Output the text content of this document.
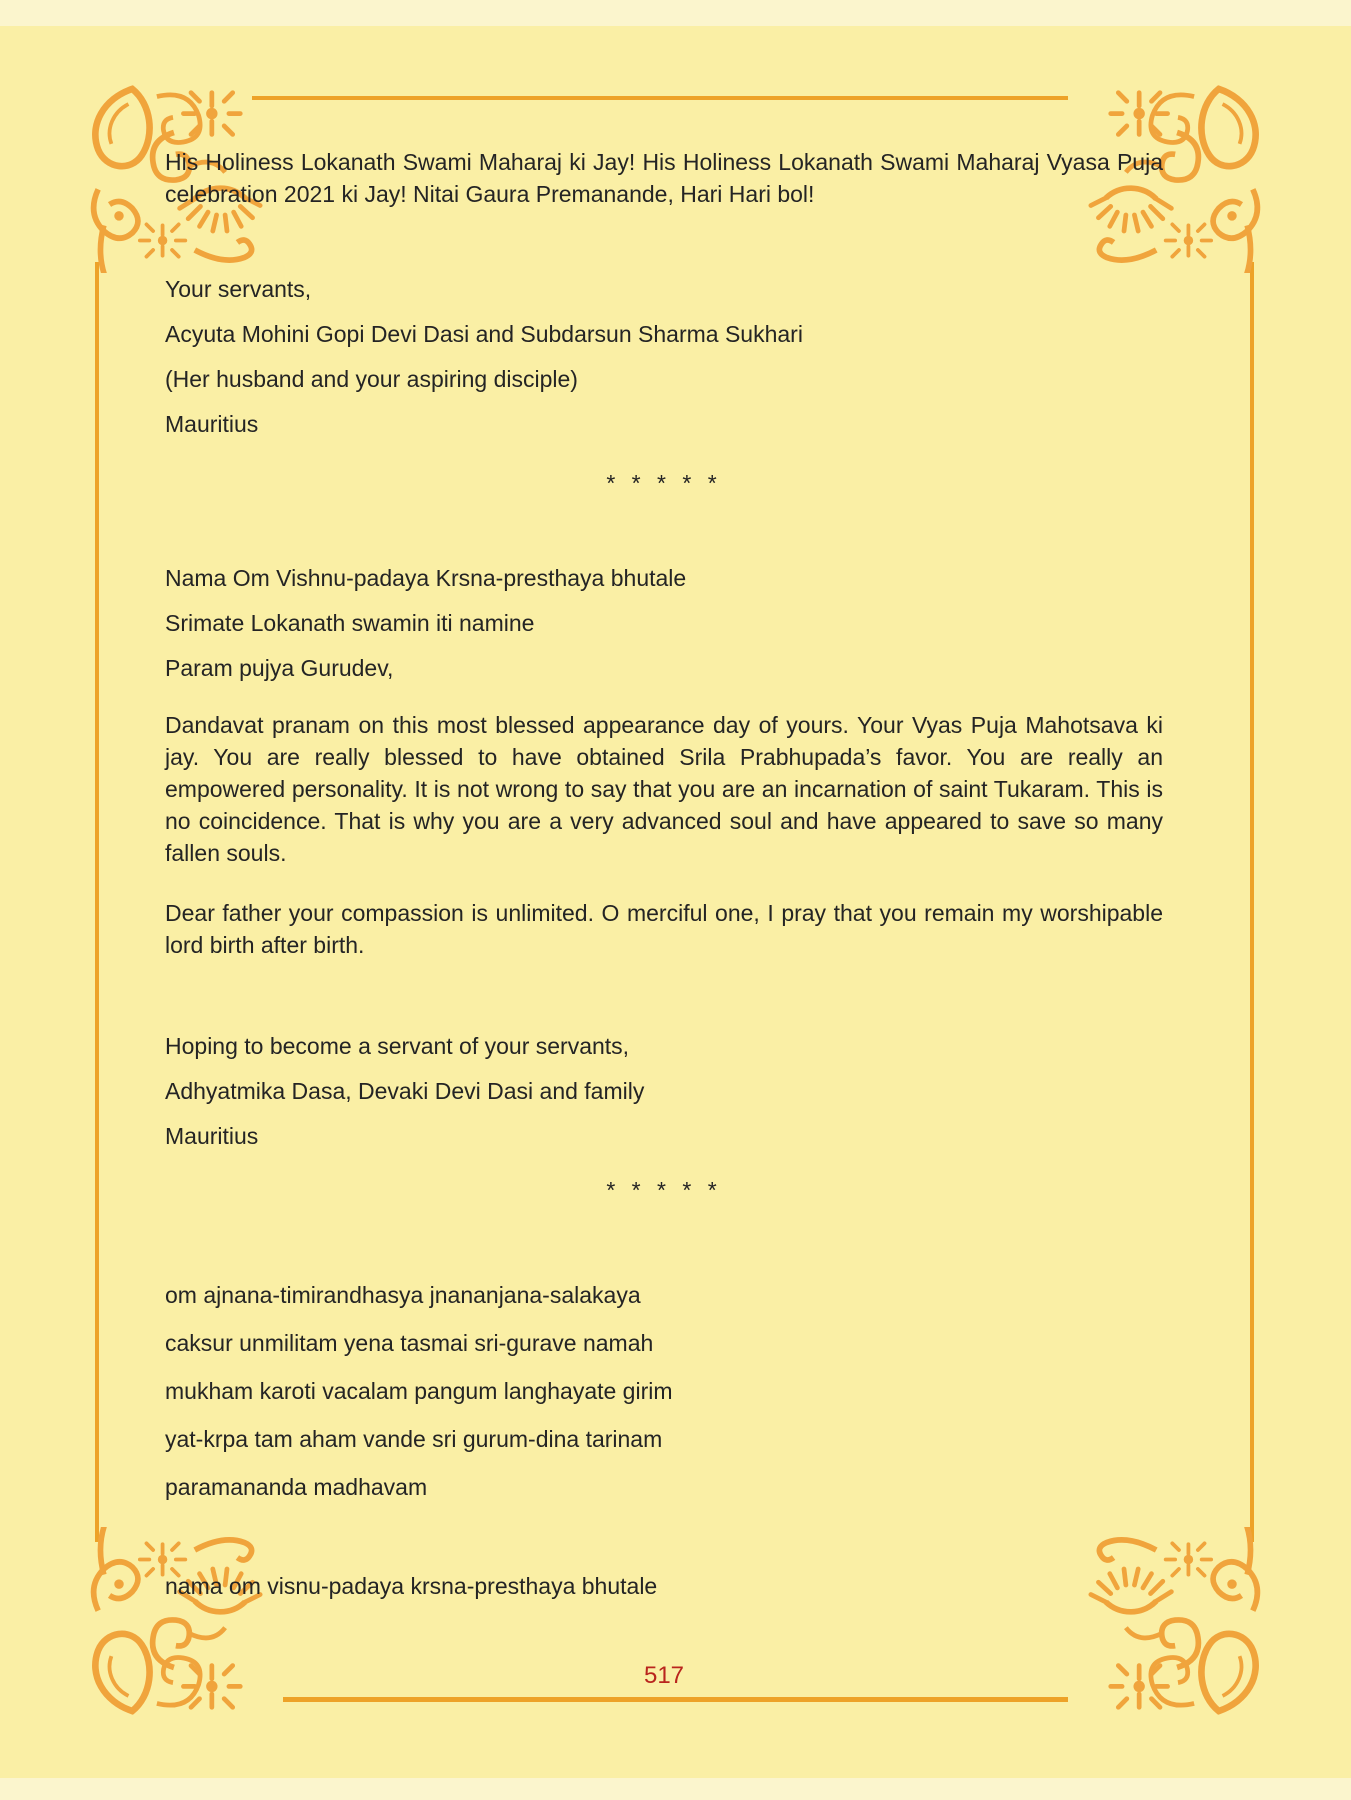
His Holiness Lokanath Swami Maharaj ki Jay! His Holiness Lokanath Swami Maharaj Vyasa Puja celebration 2021 ki Jay! Nitai Gaura Premanande, Hari Hari bol!

Your servants,

Acyuta Mohini Gopi Devi Dasi and Subdarsun Sharma Sukhari

(Her husband and your aspiring disciple)

Mauritius

* * * * *

Nama Om Vishnu-padaya Krsna-presthaya bhutale

Srimate Lokanath swamin iti namine

Param pujya Gurudev,

Dandavat pranam on this most blessed appearance day of yours. Your Vyas Puja Mahotsava ki jay. You are really blessed to have obtained Srila Prabhupada’s favor. You are really an empowered personality. It is not wrong to say that you are an incarnation of saint Tukaram. This is no coincidence. That is why you are a very advanced soul and have appeared to save so many fallen souls.

Dear father your compassion is unlimited. O merciful one, I pray that you remain my worshipable lord birth after birth.

Hoping to become a servant of your servants,

Adhyatmika Dasa, Devaki Devi Dasi and family

Mauritius

* * * * *

om ajnana-timirandhasya jnananjana-salakaya

caksur unmilitam yena tasmai sri-gurave namah

mukham karoti vacalam pangum langhayate girim

yat-krpa tam aham vande sri gurum-dina tarinam

paramananda madhavam

nama om visnu-padaya krsna-presthaya bhutale

517
